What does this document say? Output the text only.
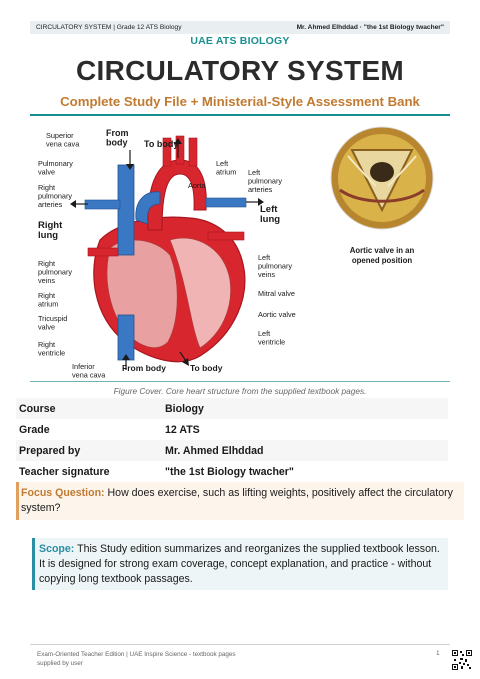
CIRCULATORY SYSTEM | Grade 12 ATS Biology	Mr. Ahmed Elhddad · "the 1st Biology twacher"
UAE ATS BIOLOGY
CIRCULATORY SYSTEM
Complete Study File + Ministerial-Style Assessment Bank
Superior vena cava
Pulmonary valve
Right pulmonary arteries
Right lung
Right pulmonary veins
Right atrium
Tricuspid valve
Right ventricle
Inferior vena cava
From body To body
Aorta
Left atrium Left pulmonary arteries
Left lung
Left pulmonary veins
Mitral valve
Aortic valve
Left ventricle
From body	To body
Aortic valve in an opened position
Figure Cover. Core heart structure from the supplied textbook pages.
Course	Biology
Grade	12 ATS
Prepared by	Mr. Ahmed Elhddad
Teacher signature	"the 1st Biology twacher"
Focus Question: How does exercise, such as lifting weights, positively affect the circulatory system?
Scope: This Study edition summarizes and reorganizes the supplied textbook lesson. It is designed for strong exam coverage, concept explanation, and practice - without copying long textbook passages.
Exam-Oriented Teacher Edition | UAE Inspire Science - textbook pages supplied by user
1
